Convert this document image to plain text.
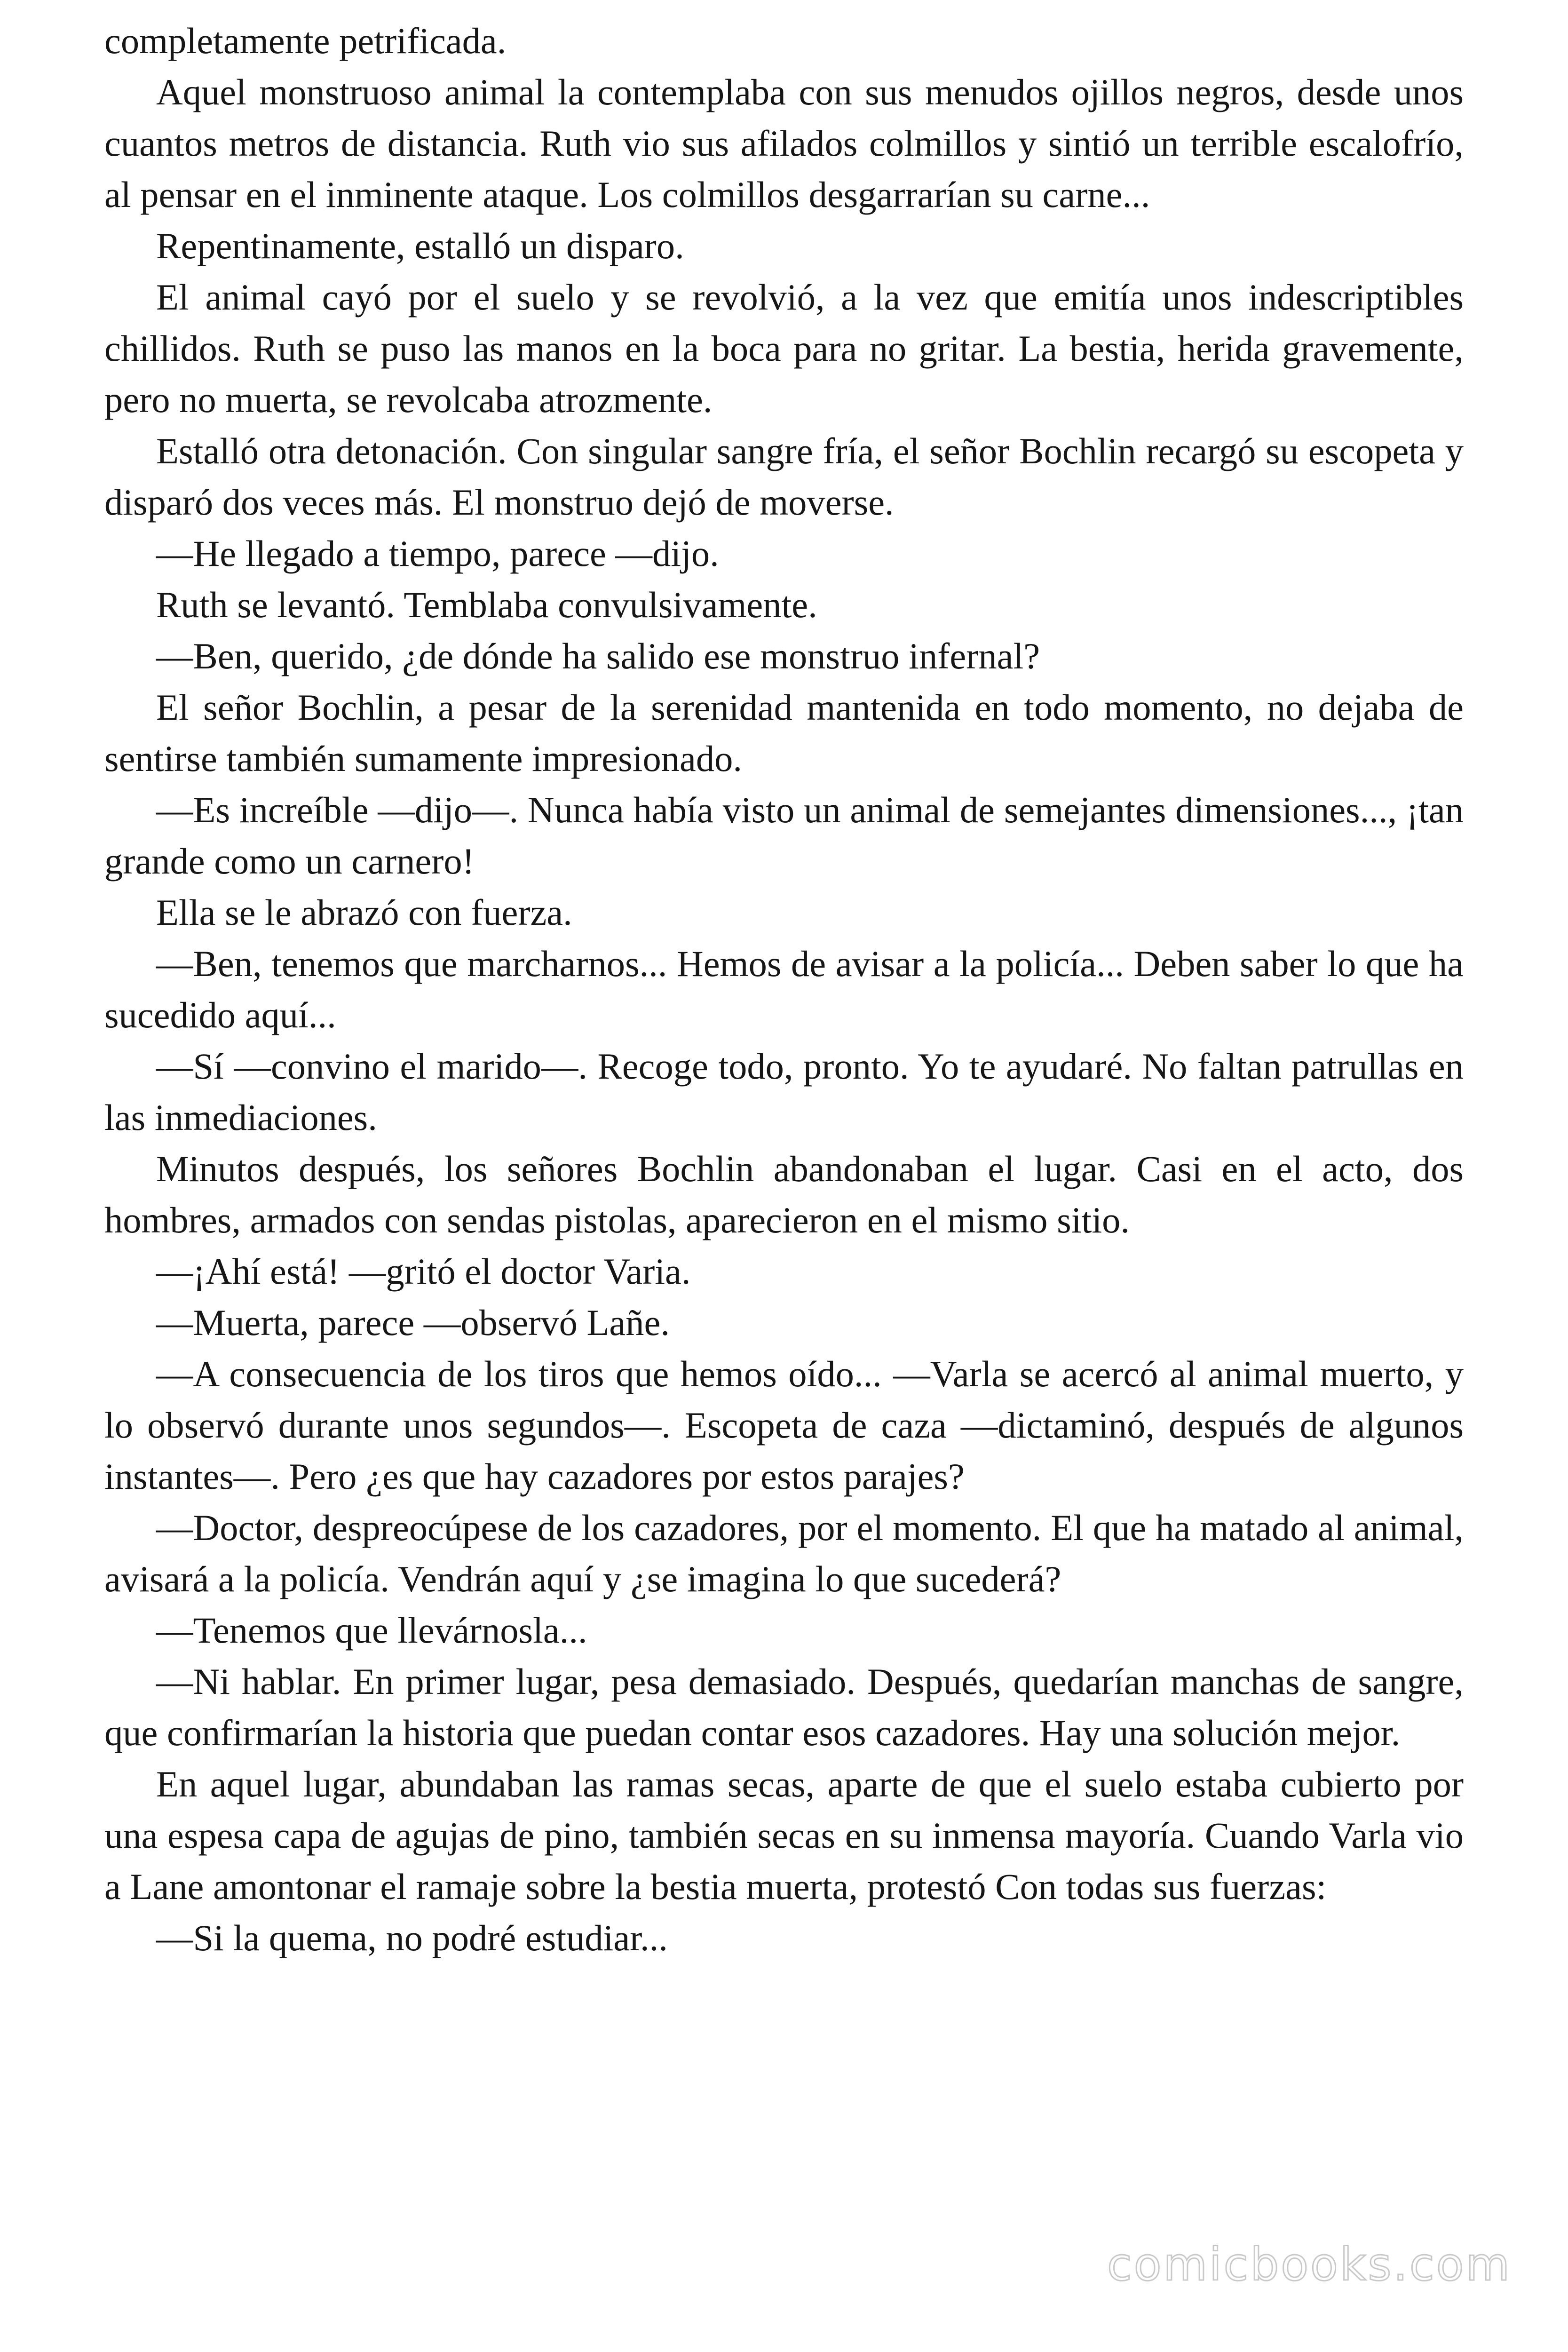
completamente petrificada.

Aquel monstruoso animal la contemplaba con sus menudos ojillos negros, desde unos cuantos metros de distancia. Ruth vio sus afilados colmillos y sintió un terrible escalofrío, al pensar en el inminente ataque. Los colmillos desgarrarían su carne...

Repentinamente, estalló un disparo.

El animal cayó por el suelo y se revolvió, a la vez que emitía unos indescriptibles chillidos. Ruth se puso las manos en la boca para no gritar. La bestia, herida gravemente, pero no muerta, se revolcaba atrozmente.

Estalló otra detonación. Con singular sangre fría, el señor Bochlin recargó su escopeta y disparó dos veces más. El monstruo dejó de moverse.

—He llegado a tiempo, parece —dijo.

Ruth se levantó. Temblaba convulsivamente.

—Ben, querido, ¿de dónde ha salido ese monstruo infernal?

El señor Bochlin, a pesar de la serenidad mantenida en todo momento, no dejaba de sentirse también sumamente impresionado.

—Es increíble —dijo—. Nunca había visto un animal de semejantes dimensiones..., ¡tan grande como un carnero!

Ella se le abrazó con fuerza.

—Ben, tenemos que marcharnos... Hemos de avisar a la policía... Deben saber lo que ha sucedido aquí...

—Sí —convino el marido—. Recoge todo, pronto. Yo te ayudaré. No faltan patrullas en las inmediaciones.

Minutos después, los señores Bochlin abandonaban el lugar. Casi en el acto, dos hombres, armados con sendas pistolas, aparecieron en el mismo sitio.

—¡Ahí está! —gritó el doctor Varia.

—Muerta, parece —observó Lañe.

—A consecuencia de los tiros que hemos oído... —Varla se acercó al animal muerto, y lo observó durante unos segundos—. Escopeta de caza —dictaminó, después de algunos instantes—. Pero ¿es que hay cazadores por estos parajes?

—Doctor, despreocúpese de los cazadores, por el momento. El que ha matado al animal, avisará a la policía. Vendrán aquí y ¿se imagina lo que sucederá?

—Tenemos que llevárnosla...

—Ni hablar. En primer lugar, pesa demasiado. Después, quedarían manchas de sangre, que confirmarían la historia que puedan contar esos cazadores. Hay una solución mejor.

En aquel lugar, abundaban las ramas secas, aparte de que el suelo estaba cubierto por una espesa capa de agujas de pino, también secas en su inmensa mayoría. Cuando Varla vio a Lane amontonar el ramaje sobre la bestia muerta, protestó Con todas sus fuerzas:

—Si la quema, no podré estudiar...

comicbooks.com
